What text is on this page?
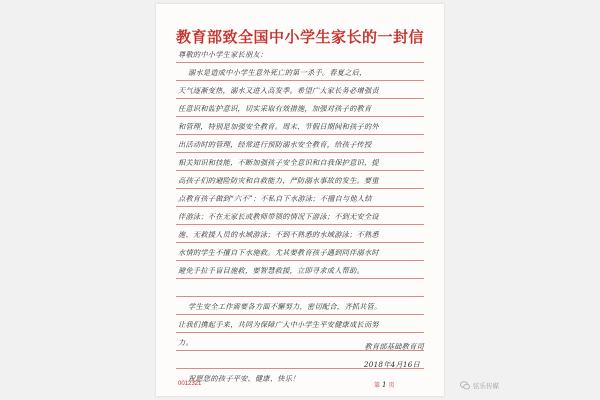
教育部致全国中小学生家长的一封信
尊敬的中小学生家长朋友：
溺水是造成中小学生意外死亡的第一杀手。春夏之后，
天气逐渐变热，溺水又进入高发季。希望广大家长务必增强责
任意识和监护意识，切实采取有效措施，加强对孩子的教育
和管理，特别是加强安全教育。周末、节假日期间和孩子的外
出活动时的管理，经常进行预防溺水安全教育，给孩子传授
相关知识和技能，不断加强孩子安全意识和自我保护意识，提
高孩子们的避险防灾和自救能力，严防溺水事故的发生。要重
点教育孩子做到“六不”：不私自下水游泳；不擅自与他人结
伴游泳；不在无家长或教师带领的情况下游泳；不到无安全设
施、无救援人员的水域游泳；不到不熟悉的水域游泳；不熟悉
水情的学生不擅自下水施救。尤其要教育孩子遇到同伴溺水时
避免手拉手盲目施救，要智慧救援，立即寻求成人帮助。
学生安全工作需要各方面不懈努力，密切配合，齐抓共管。
让我们携起手来，共同为保障广大中小学生平安健康成长而努
力。
祝愿您的孩子平安、健康、快乐！
教育部基础教育司
2018年4月16日
0012321	第 1 页	弦乐传媒
